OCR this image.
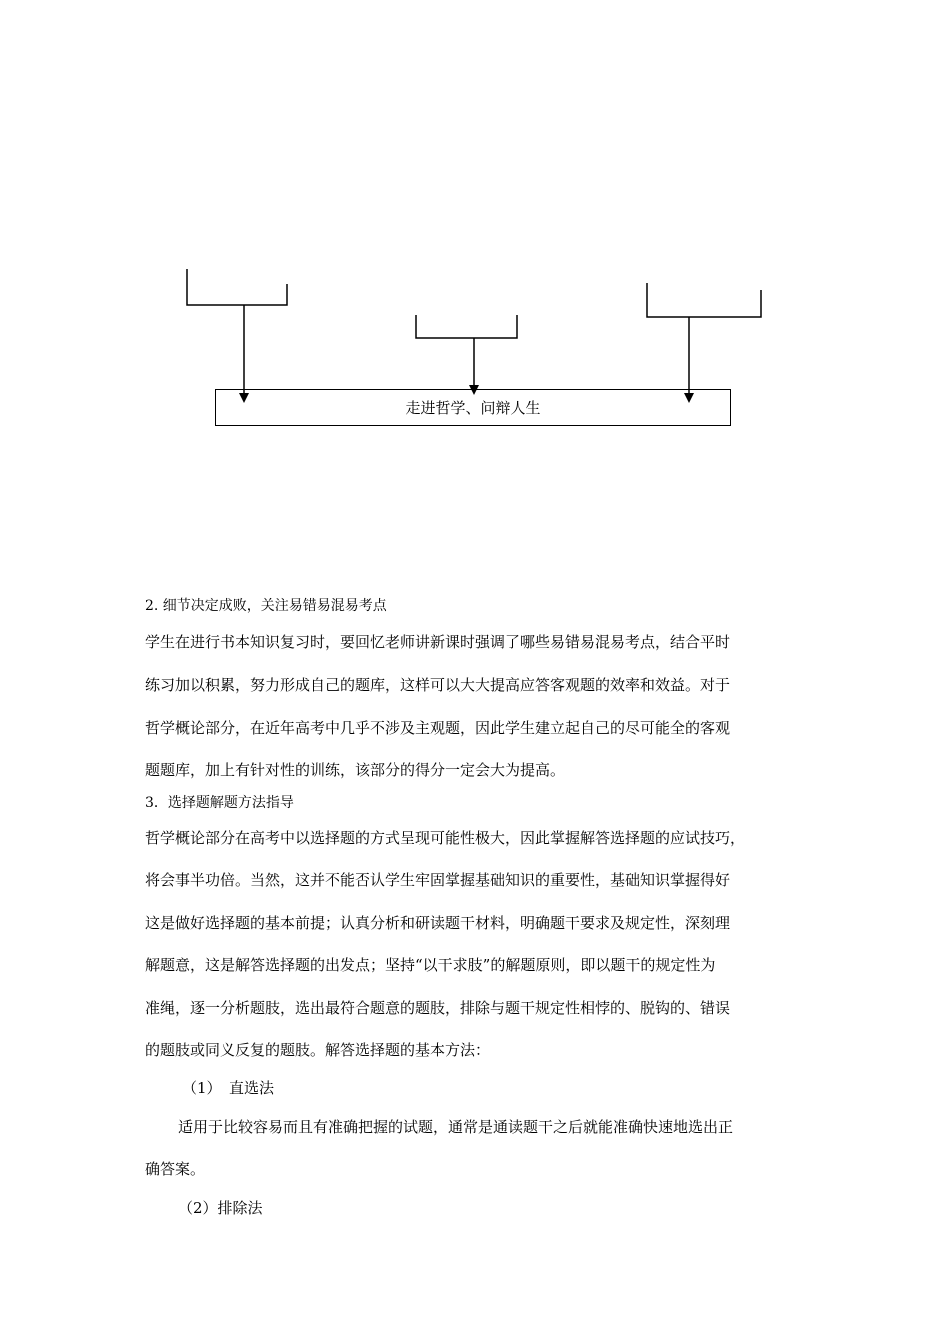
走进哲学、问辩人生
2. 细节决定成败，关注易错易混易考点
学生在进行书本知识复习时，要回忆老师讲新课时强调了哪些易错易混易考点，结合平时
练习加以积累，努力形成自己的题库，这样可以大大提高应答客观题的效率和效益。对于
哲学概论部分，在近年高考中几乎不涉及主观题，因此学生建立起自己的尽可能全的客观
题题库，加上有针对性的训练，该部分的得分一定会大为提高。
3．选择题解题方法指导
哲学概论部分在高考中以选择题的方式呈现可能性极大，因此掌握解答选择题的应试技巧，
将会事半功倍。当然，这并不能否认学生牢固掌握基础知识的重要性，基础知识掌握得好
这是做好选择题的基本前提；认真分析和研读题干材料，明确题干要求及规定性，深刻理
解题意，这是解答选择题的出发点；坚持“以干求肢”的解题原则，即以题干的规定性为
准绳，逐一分析题肢，选出最符合题意的题肢，排除与题干规定性相悖的、脱钩的、错误
的题肢或同义反复的题肢。解答选择题的基本方法：
（1）　直选法
适用于比较容易而且有准确把握的试题，通常是通读题干之后就能准确快速地选出正
确答案。
（2）排除法
